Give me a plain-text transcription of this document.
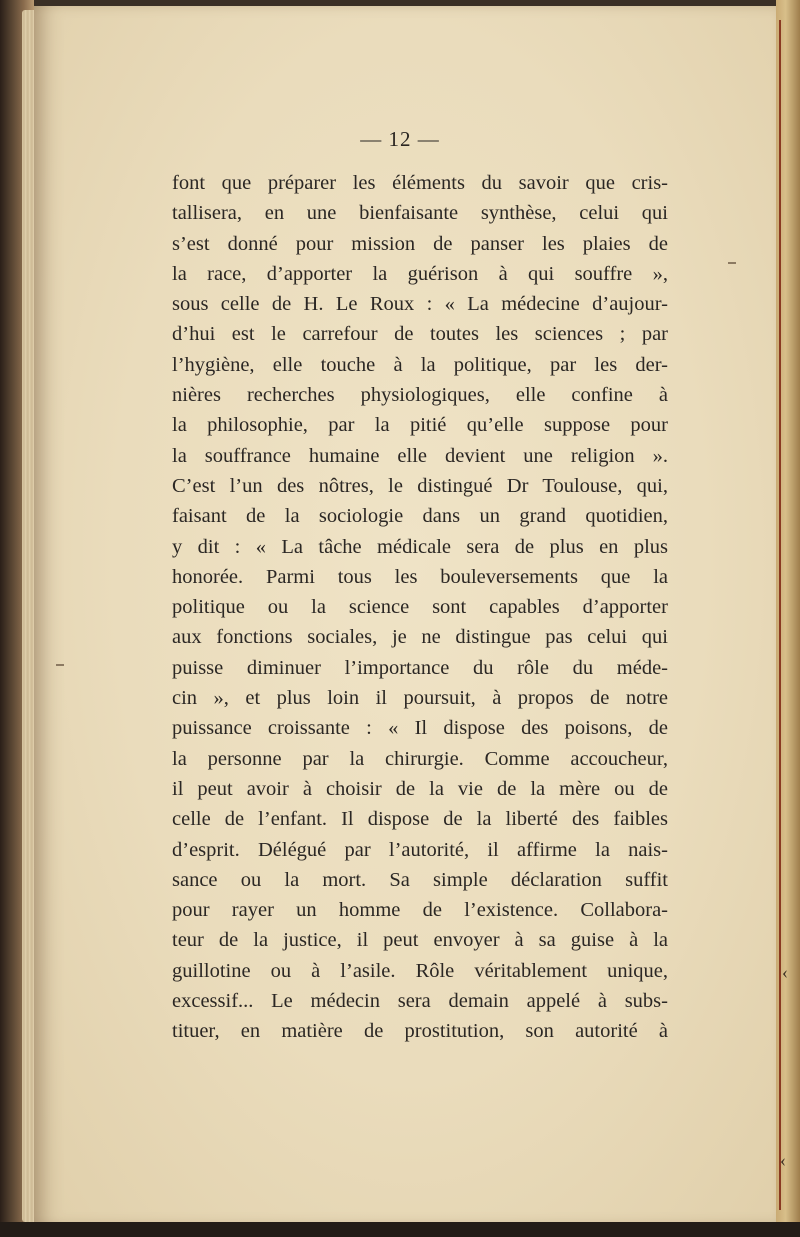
‹
‹
— 12 —
font que préparer les éléments du savoir que cris-
tallisera, en une bienfaisante synthèse, celui qui
s’est donné pour mission de panser les plaies de
la race, d’apporter la guérison à qui souffre »,
sous celle de H. Le Roux : « La médecine d’aujour-
d’hui est le carrefour de toutes les sciences ; par
l’hygiène, elle touche à la politique, par les der-
nières recherches physiologiques, elle confine à
la philosophie, par la pitié qu’elle suppose pour
la souffrance humaine elle devient une religion ».
C’est l’un des nôtres, le distingué Dr Toulouse, qui,
faisant de la sociologie dans un grand quotidien,
y dit : « La tâche médicale sera de plus en plus
honorée. Parmi tous les bouleversements que la
politique ou la science sont capables d’apporter
aux fonctions sociales, je ne distingue pas celui qui
puisse diminuer l’importance du rôle du méde-
cin », et plus loin il poursuit, à propos de notre
puissance croissante : « Il dispose des poisons, de
la personne par la chirurgie. Comme accoucheur,
il peut avoir à choisir de la vie de la mère ou de
celle de l’enfant. Il dispose de la liberté des faibles
d’esprit. Délégué par l’autorité, il affirme la nais-
sance ou la mort. Sa simple déclaration suffit
pour rayer un homme de l’existence. Collabora-
teur de la justice, il peut envoyer à sa guise à la
guillotine ou à l’asile. Rôle véritablement unique,
excessif... Le médecin sera demain appelé à subs-
tituer, en matière de prostitution, son autorité à
